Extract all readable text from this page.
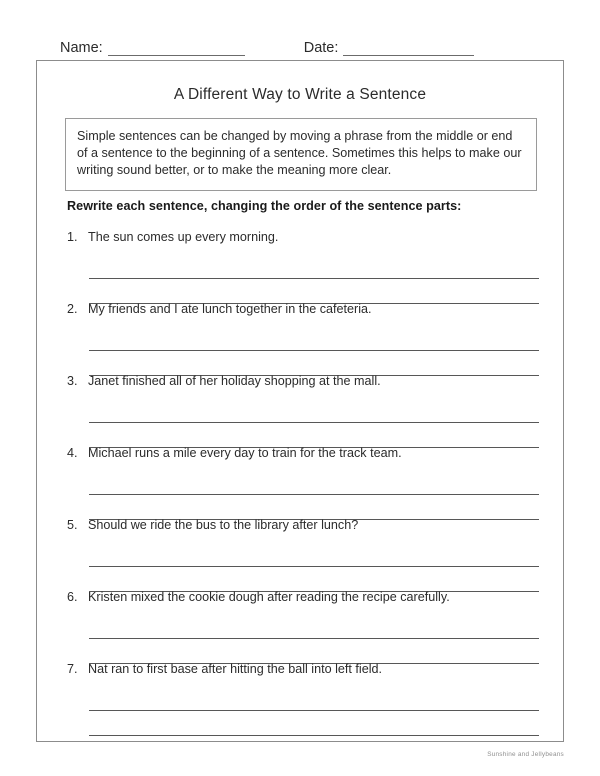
Name:	Date:
A Different Way to Write a Sentence
Simple sentences can be changed by moving a phrase from the middle or end of a sentence to the beginning of a sentence. Sometimes this helps to make our writing sound better, or to make the meaning more clear.
Rewrite each sentence, changing the order of the sentence parts:
1. The sun comes up every morning.
2. My friends and I ate lunch together in the cafeteria.
3. Janet finished all of her holiday shopping at the mall.
4. Michael runs a mile every day to train for the track team.
5. Should we ride the bus to the library after lunch?
6. Kristen mixed the cookie dough after reading the recipe carefully.
7. Nat ran to first base after hitting the ball into left field.
Sunshine and Jellybeans
